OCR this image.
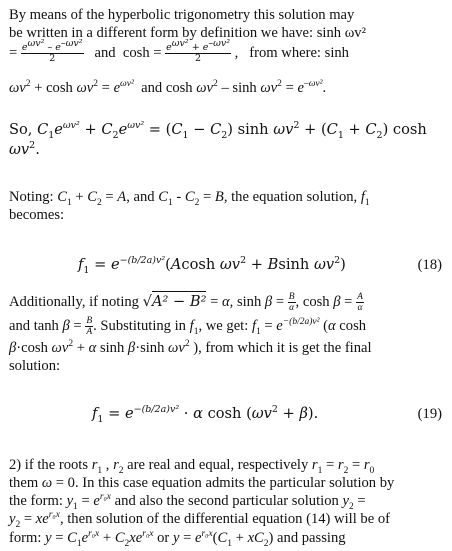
By means of the hyperbolic trigonometry this solution may
be written in a different form by definition we have: sinh ωv²
= $\frac{e^{\omega v^2} - e^{-\omega v^2}}{2}$ and $\cosh = \frac{e^{\omega v^2} + e^{-\omega v^2}}{2}$ ,   from where: sinh
$\omega v^2 + \cosh \omega v^2 = e^{\omega v^2}$  and $\cosh \omega v^2 - \sinh \omega v^2 = e^{-\omega v^2}$.
So, $C_1e^{\omega v^2} + C_2e^{\omega v^2} = (C_1 - C_2)$ $\sinh \omega v^2 + (C_1 + C_2)$ cosh
$\omega v^2$.
Noting: $C_1 + C_2 = A$, and $C_1 - C_2 = B$, the equation solution, $f_1$
becomes:
$f_1 = e^{-(b/2a)v^2}(Acosh$ $\omega v^2 + Bsinh$ $\omega v^2$)	(18)
Additionally, if noting √A² − B² = α, $\sinh \beta = \frac{B}{\alpha}$ , $\cosh \beta = \frac{A}{\alpha}$
and $\tanh \beta = \frac{B}{A}$ . Substituting in $f_1$, we get: $f_1 = e^{-(b/2a)v^2}$ (α cosh
β·cosh $\omega v^2 + \alpha$ sinh β·sinh $\omega v^2$ ), from which it is get the final
solution:
$f_1 = e^{-(b/2a)v^2} \cdot \alpha$ $\cosh (\omega v^2 + \beta)$.	(19)
2) if the roots $r_1$ , $r_2$ are real and equal, respectively $r_1 = r_2 = r_0$
them ω = 0. In this case equation admits the particular solution by
the form: $y_1 = e^{r_0x}$ and also the second particular solution $y_2$ =
$y_2 = xe^{r_0x}$, then solution of the differential equation (14) will be of
form: $y = C_1e^{r_0x} + C_2xe^{r_0x}$ or $y = e^{r_0x}(C_1 + xC_2)$ and passing
